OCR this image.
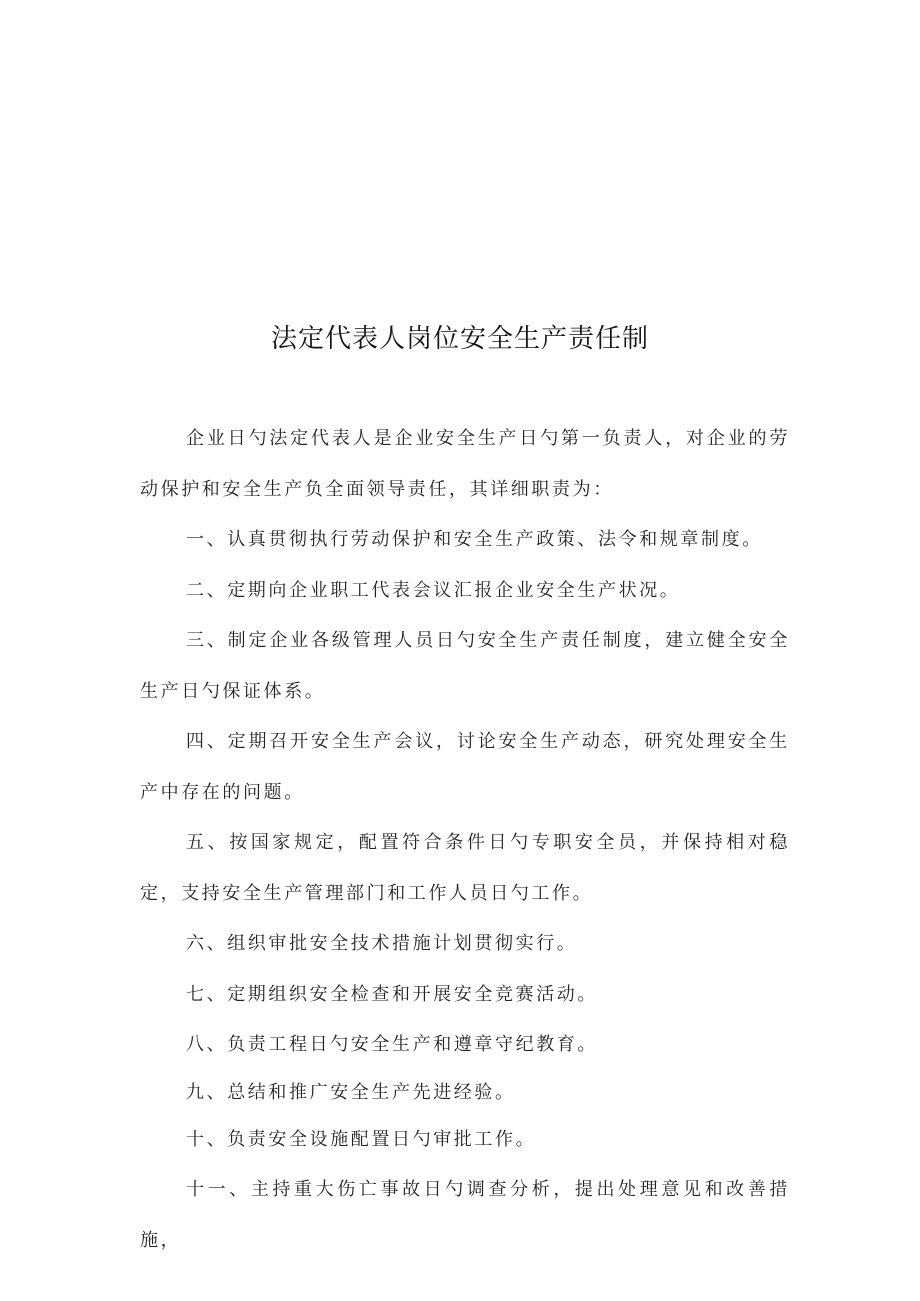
法定代表人岗位安全生产责任制

企业日勺法定代表人是企业安全生产日勺第一负责人，对企业的劳动保护和安全生产负全面领导责任，其详细职责为：

一、认真贯彻执行劳动保护和安全生产政策、法令和规章制度。

二、定期向企业职工代表会议汇报企业安全生产状况。

三、制定企业各级管理人员日勺安全生产责任制度，建立健全安全生产日勺保证体系。

四、定期召开安全生产会议，讨论安全生产动态，研究处理安全生产中存在的问题。

五、按国家规定，配置符合条件日勺专职安全员，并保持相对稳定，支持安全生产管理部门和工作人员日勺工作。

六、组织审批安全技术措施计划贯彻实行。

七、定期组织安全检查和开展安全竞赛活动。

八、负责工程日勺安全生产和遵章守纪教育。

九、总结和推广安全生产先进经验。

十、负责安全设施配置日勺审批工作。

十一、主持重大伤亡事故日勺调查分析，提出处理意见和改善措施，
